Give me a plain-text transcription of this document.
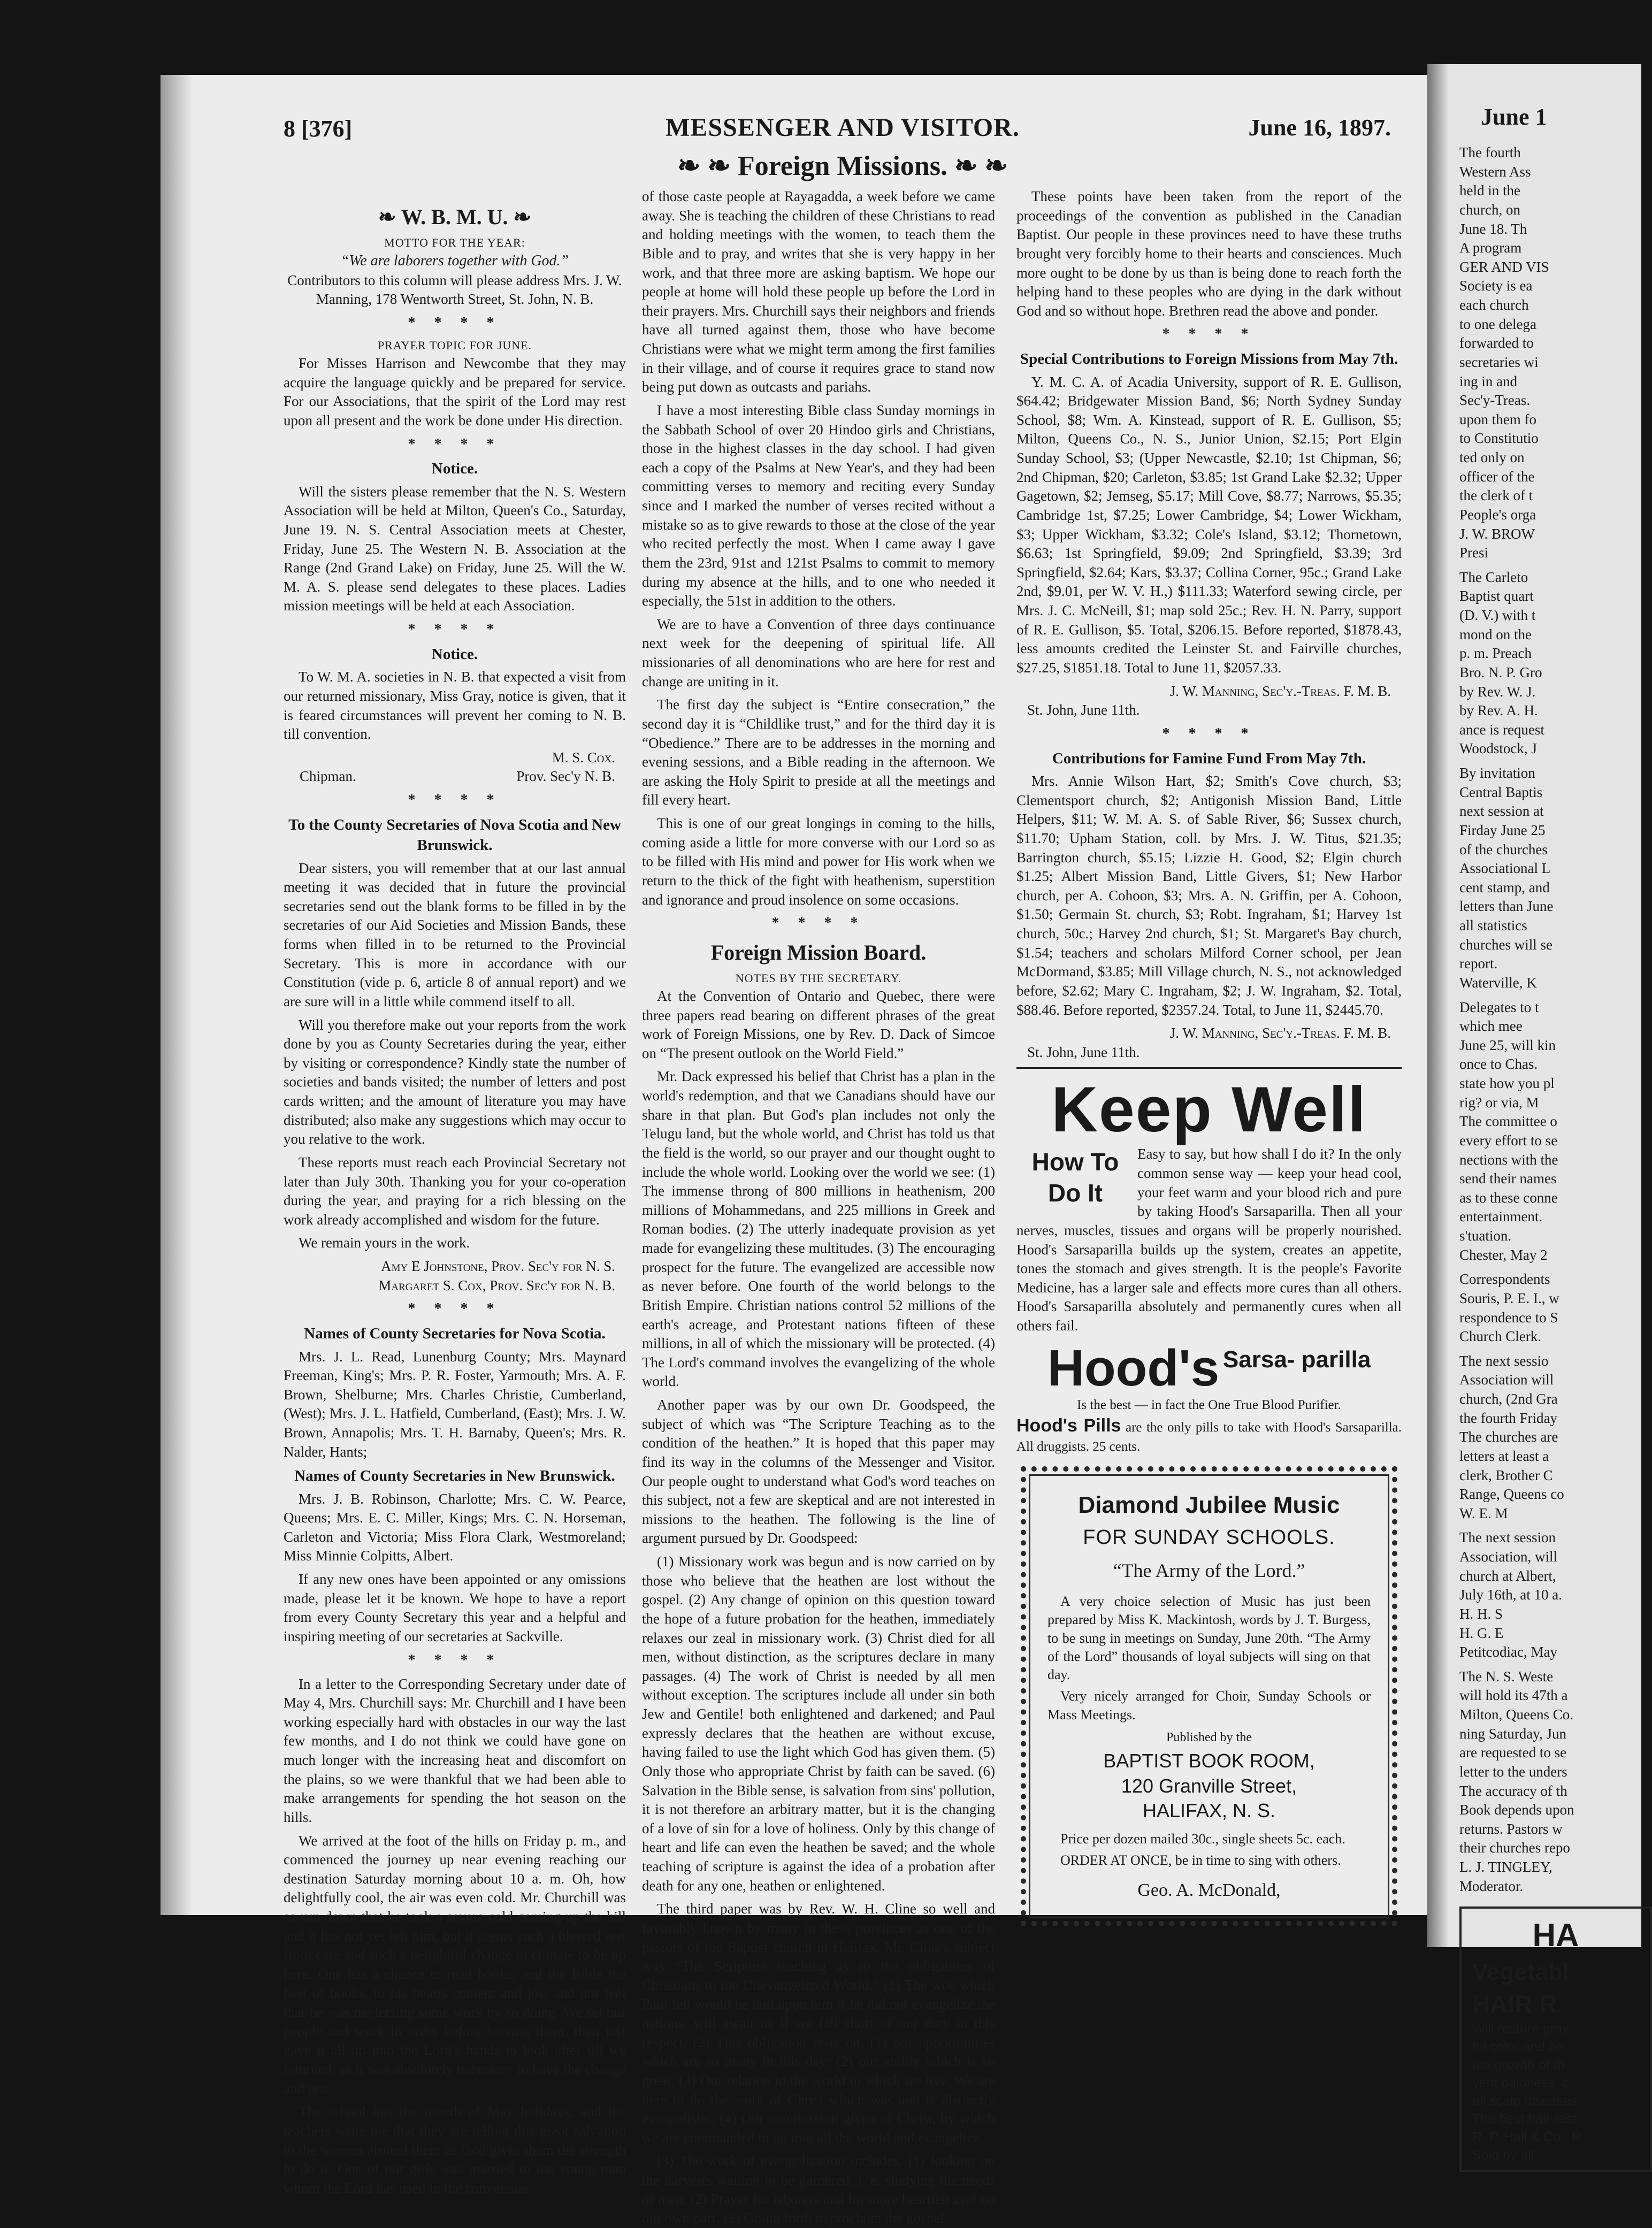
8 [376]	MESSENGER AND VISITOR.	June 16, 1897.
❧ ❧ Foreign Missions. ❧ ❧
❧ W. B. M. U. ❧
MOTTO FOR THE YEAR:
“We are laborers together with God.”

Contributors to this column will please address Mrs. J. W. Manning, 178 Wentworth Street, St. John, N. B.

* * * *
PRAYER TOPIC FOR JUNE.

For Misses Harrison and Newcombe that they may acquire the language quickly and be prepared for service. For our Associations, that the spirit of the Lord may rest upon all present and the work be done under His direction.

* * * *
Notice.

Will the sisters please remember that the N. S. Western Association will be held at Milton, Queen's Co., Saturday, June 19. N. S. Central Association meets at Chester, Friday, June 25. The Western N. B. Association at the Range (2nd Grand Lake) on Friday, June 25. Will the W. M. A. S. please send delegates to these places. Ladies mission meetings will be held at each Association.

* * * *
Notice.

To W. M. A. societies in N. B. that expected a visit from our returned missionary, Miss Gray, notice is given, that it is feared circumstances will prevent her coming to N. B. till convention.

M. S. Cox.
Chipman.	Prov. Sec'y N. B.
* * * *
To the County Secretaries of Nova Scotia and New Brunswick.

Dear sisters, you will remember that at our last annual meeting it was decided that in future the provincial secretaries send out the blank forms to be filled in by the secretaries of our Aid Societies and Mission Bands, these forms when filled in to be returned to the Provincial Secretary. This is more in accordance with our Constitution (vide p. 6, article 8 of annual report) and we are sure will in a little while commend itself to all.

Will you therefore make out your reports from the work done by you as County Secretaries during the year, either by visiting or correspondence? Kindly state the number of societies and bands visited; the number of letters and post cards written; and the amount of literature you may have distributed; also make any suggestions which may occur to you relative to the work.

These reports must reach each Provincial Secretary not later than July 30th. Thanking you for your co-operation during the year, and praying for a rich blessing on the work already accomplished and wisdom for the future.

We remain yours in the work.

Amy E Johnstone, Prov. Sec'y for N. S.
Margaret S. Cox, Prov. Sec'y for N. B.
* * * *
Names of County Secretaries for Nova Scotia.

Mrs. J. L. Read, Lunenburg County; Mrs. Maynard Freeman, King's; Mrs. P. R. Foster, Yarmouth; Mrs. A. F. Brown, Shelburne; Mrs. Charles Christie, Cumberland, (West); Mrs. J. L. Hatfield, Cumberland, (East); Mrs. J. W. Brown, Annapolis; Mrs. T. H. Barnaby, Queen's; Mrs. R. Nalder, Hants;

Names of County Secretaries in New Brunswick.

Mrs. J. B. Robinson, Charlotte; Mrs. C. W. Pearce, Queens; Mrs. E. C. Miller, Kings; Mrs. C. N. Horseman, Carleton and Victoria; Miss Flora Clark, Westmoreland; Miss Minnie Colpitts, Albert.

If any new ones have been appointed or any omissions made, please let it be known. We hope to have a report from every County Secretary this year and a helpful and inspiring meeting of our secretaries at Sackville.

* * * *

In a letter to the Corresponding Secretary under date of May 4, Mrs. Churchill says: Mr. Churchill and I have been working especially hard with obstacles in our way the last few months, and I do not think we could have gone on much longer with the increasing heat and discomfort on the plains, so we were thankful that we had been able to make arrangements for spending the hot season on the hills.

We arrived at the foot of the hills on Friday p. m., and commenced the journey up near evening reaching our destination Saturday morning about 10 a. m. Oh, how delightfully cool, the air was even cold. Mr. Churchill was so run down that he took a severe cold coming up the hill and it has not yet left him, but it seems such a blessed rest from care and such a delightful change in climate to be up here. One has a chance to read books, and the Bible the best of books, to his hearts content and joy, and not feel that he was neglecting some work by so doing. We set our people and work in order before leaving them, then just gave it all up into the Lord's hands to look after till we returned, as it was absolutely necessary to have the change and rest.

The school has the month of May holidays, and the teachers write me that they are telling this great salvation to the women around them as God gives them the strength to do it. One of our girls was married to the young man whom the Lord has used in the conversion

of those caste people at Rayagadda, a week before we came away. She is teaching the children of these Christians to read and holding meetings with the women, to teach them the Bible and to pray, and writes that she is very happy in her work, and that three more are asking baptism. We hope our people at home will hold these people up before the Lord in their prayers. Mrs. Churchill says their neighbors and friends have all turned against them, those who have become Christians were what we might term among the first families in their village, and of course it requires grace to stand now being put down as outcasts and pariahs.

I have a most interesting Bible class Sunday mornings in the Sabbath School of over 20 Hindoo girls and Christians, those in the highest classes in the day school. I had given each a copy of the Psalms at New Year's, and they had been committing verses to memory and reciting every Sunday since and I marked the number of verses recited without a mistake so as to give rewards to those at the close of the year who recited perfectly the most. When I came away I gave them the 23rd, 91st and 121st Psalms to commit to memory during my absence at the hills, and to one who needed it especially, the 51st in addition to the others.

We are to have a Convention of three days continuance next week for the deepening of spiritual life. All missionaries of all denominations who are here for rest and change are uniting in it.

The first day the subject is “Entire consecration,” the second day it is “Childlike trust,” and for the third day it is “Obedience.” There are to be addresses in the morning and evening sessions, and a Bible reading in the afternoon. We are asking the Holy Spirit to preside at all the meetings and fill every heart.

This is one of our great longings in coming to the hills, coming aside a little for more converse with our Lord so as to be filled with His mind and power for His work when we return to the thick of the fight with heathenism, superstition and ignorance and proud insolence on some occasions.

* * * *
Foreign Mission Board.
NOTES BY THE SECRETARY.

At the Convention of Ontario and Quebec, there were three papers read bearing on different phrases of the great work of Foreign Missions, one by Rev. D. Dack of Simcoe on “The present outlook on the World Field.”

Mr. Dack expressed his belief that Christ has a plan in the world's redemption, and that we Canadians should have our share in that plan. But God's plan includes not only the Telugu land, but the whole world, and Christ has told us that the field is the world, so our prayer and our thought ought to include the whole world. Looking over the world we see: (1) The immense throng of 800 millions in heathenism, 200 millions of Mohammedans, and 225 millions in Greek and Roman bodies. (2) The utterly inadequate provision as yet made for evangelizing these multitudes. (3) The encouraging prospect for the future. The evangelized are accessible now as never before. One fourth of the world belongs to the British Empire. Christian nations control 52 millions of the earth's acreage, and Protestant nations fifteen of these millions, in all of which the missionary will be protected. (4) The Lord's command involves the evangelizing of the whole world.

Another paper was by our own Dr. Goodspeed, the subject of which was “The Scripture Teaching as to the condition of the heathen.” It is hoped that this paper may find its way in the columns of the Messenger and Visitor. Our people ought to understand what God's word teaches on this subject, not a few are skeptical and are not interested in missions to the heathen. The following is the line of argument pursued by Dr. Goodspeed:

(1) Missionary work was begun and is now carried on by those who believe that the heathen are lost without the gospel. (2) Any change of opinion on this question toward the hope of a future probation for the heathen, immediately relaxes our zeal in missionary work. (3) Christ died for all men, without distinction, as the scriptures declare in many passages. (4) The work of Christ is needed by all men without exception. The scriptures include all under sin both Jew and Gentile! both enlightened and darkened; and Paul expressly declares that the heathen are without excuse, having failed to use the light which God has given them. (5) Only those who appropriate Christ by faith can be saved. (6) Salvation in the Bible sense, is salvation from sins' pollution, it is not therefore an arbitrary matter, but it is the changing of a love of sin for a love of holiness. Only by this change of heart and life can even the heathen be saved; and the whole teaching of scripture is against the idea of a probation after death for any one, heathen or enlightened.

The third paper was by Rev. W. H. Cline so well and favorably known by many in these provinces as one of the pastors of the Baptist church in Halifax. Mr. Cline's subject was “The Scripture teaching as to the obligations of Christians to the Unevangelized World.” (1) The woe which Paul felt would be laid upon him if he did not evangelize the nations, will await us if we fall short of our duty in this respect. (2) This obligation rests on, (1) our opportunities which are so many in this day; (2) our ability which is so great; (3) Our relation to the world in which we live. We are here to do the work of Christ which was and is distinctly evangelistic; (4) Our commission given of Christ, by which we are commanded to go into all the world and evangelize.

(3) The work of evangelization includes, (1) looking on the harvests waiting to be garnered, i. e, studying the needs of men; (2) Prayer for laborers and for more heartfelt zeal on our own part; (3) Going forth to proclaim the gospel.

These points have been taken from the report of the proceedings of the convention as published in the Canadian Baptist. Our people in these provinces need to have these truths brought very forcibly home to their hearts and consciences. Much more ought to be done by us than is being done to reach forth the helping hand to these peoples who are dying in the dark without God and so without hope. Brethren read the above and ponder.

* * * *
Special Contributions to Foreign Missions from May 7th.

Y. M. C. A. of Acadia University, support of R. E. Gullison, $64.42; Bridgewater Mission Band, $6; North Sydney Sunday School, $8; Wm. A. Kinstead, support of R. E. Gullison, $5; Milton, Queens Co., N. S., Junior Union, $2.15; Port Elgin Sunday School, $3; (Upper Newcastle, $2.10; 1st Chipman, $6; 2nd Chipman, $20; Carleton, $3.85; 1st Grand Lake $2.32; Upper Gagetown, $2; Jemseg, $5.17; Mill Cove, $8.77; Narrows, $5.35; Cambridge 1st, $7.25; Lower Cambridge, $4; Lower Wickham, $3; Upper Wickham, $3.32; Cole's Island, $3.12; Thornetown, $6.63; 1st Springfield, $9.09; 2nd Springfield, $3.39; 3rd Springfield, $2.64; Kars, $3.37; Collina Corner, 95c.; Grand Lake 2nd, $9.01, per W. V. H.,) $111.33; Waterford sewing circle, per Mrs. J. C. McNeill, $1; map sold 25c.; Rev. H. N. Parry, support of R. E. Gullison, $5. Total, $206.15. Before reported, $1878.43, less amounts credited the Leinster St. and Fairville churches, $27.25, $1851.18. Total to June 11, $2057.33.

J. W. Manning, Sec'y.-Treas. F. M. B.
St. John, June 11th.
* * * *
Contributions for Famine Fund From May 7th.

Mrs. Annie Wilson Hart, $2; Smith's Cove church, $3; Clementsport church, $2; Antigonish Mission Band, Little Helpers, $11; W. M. A. S. of Sable River, $6; Sussex church, $11.70; Upham Station, coll. by Mrs. J. W. Titus, $21.35; Barrington church, $5.15; Lizzie H. Good, $2; Elgin church $1.25; Albert Mission Band, Little Givers, $1; New Harbor church, per A. Cohoon, $3; Mrs. A. N. Griffin, per A. Cohoon, $1.50; Germain St. church, $3; Robt. Ingraham, $1; Harvey 1st church, 50c.; Harvey 2nd church, $1; St. Margaret's Bay church, $1.54; teachers and scholars Milford Corner school, per Jean McDormand, $3.85; Mill Village church, N. S., not acknowledged before, $2.62; Mary C. Ingraham, $2; J. W. Ingraham, $2. Total, $88.46. Before reported, $2357.24. Total, to June 11, $2445.70.

J. W. Manning, Sec'y.-Treas. F. M. B.
St. John, June 11th.
Keep Well
How To Do It

Easy to say, but how shall I do it? In the only common sense way — keep your head cool, your feet warm and your blood rich and pure by taking Hood's Sarsaparilla. Then all your nerves, muscles, tissues and organs will be properly nourished. Hood's Sarsaparilla builds up the system, creates an appetite, tones the stomach and gives strength. It is the people's Favorite Medicine, has a larger sale and effects more cures than all others. Hood's Sarsaparilla absolutely and permanently cures when all others fail.

Hood's Sarsa- parilla
Is the best — in fact the One True Blood Purifier.
Hood's Pills are the only pills to take with Hood's Sarsaparilla. All druggists. 25 cents.
Diamond Jubilee Music
FOR SUNDAY SCHOOLS.
“The Army of the Lord.”

A very choice selection of Music has just been prepared by Miss K. Mackintosh, words by J. T. Burgess, to be sung in meetings on Sunday, June 20th. “The Army of the Lord” thousands of loyal subjects will sing on that day.

Very nicely arranged for Choir, Sunday Schools or Mass Meetings.

Published by the
BAPTIST BOOK ROOM,
120 Granville Street,
HALIFAX, N. S.

Price per dozen mailed 30c., single sheets 5c. each.

ORDER AT ONCE, be in time to sing with others.

Geo. A. McDonald,
June 1

The fourth
Western Ass
held in the
church, on
June 18. Th
A program
GER AND VIS
Society is ea
each church
to one delega
forwarded to
secretaries wi
ing in and
Sec'y-Treas.
upon them fo
to Constitutio
ted only on
officer of the
the clerk of t
People's orga
J. W. BROW
Presi

The Carleto
Baptist quart
(D. V.) with t
mond on the
p. m. Preach
Bro. N. P. Gro
by Rev. W. J.
by Rev. A. H.
ance is request
Woodstock, J

By invitation
Central Baptis
next session at
Firday June 25
of the churches
Associational L
cent stamp, and
letters than June
all statistics
churches will se
report.
Waterville, K

Delegates to t
which mee
June 25, will kin
once to Chas.
state how you pl
rig? or via, M
The committee o
every effort to se
nections with the
send their names
as to these conne
entertainment.
s'tuation.
Chester, May 2

Correspondents
Souris, P. E. I., w
respondence to S
Church Clerk.

The next sessio
Association will
church, (2nd Gra
the fourth Friday
The churches are
letters at least a
clerk, Brother C
Range, Queens co
W. E. M

The next session
Association, will
church at Albert,
July 16th, at 10 a.
H. H. S
H. G. E
Petitcodiac, May

The N. S. Weste
will hold its 47th a
Milton, Queens Co.
ning Saturday, Jun
are requested to se
letter to the unders
The accuracy of th
Book depends upon
returns. Pastors w
their churches repo
L. J. TINGLEY,
Moderator.

HA
Vegetabl
HAIR R
Will restore gray
ful color and be
the growth of th
vent baldness, c
all scalp diseases
The best hair rest
R. P. Hall & Co., P
Sold by all
